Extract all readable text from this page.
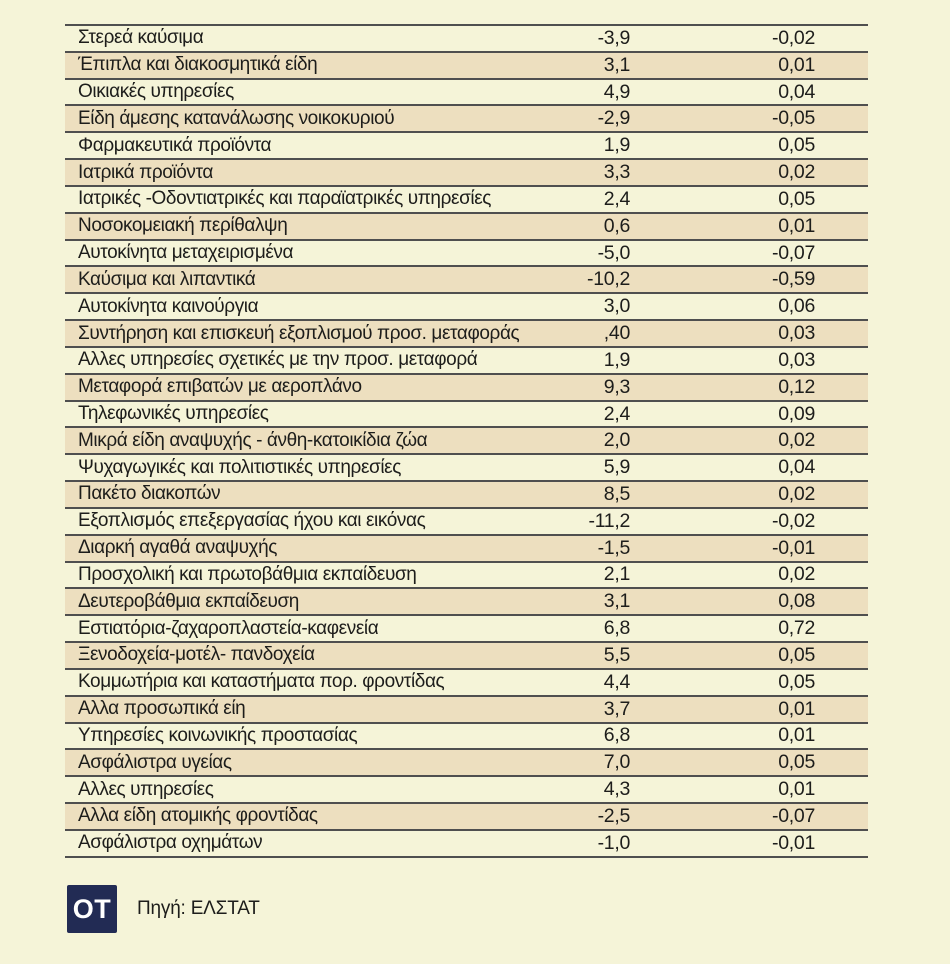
Στερεά καύσιμα	-3,9	-0,02
Έπιπλα και διακοσμητικά είδη	3,1	0,01
Οικιακές υπηρεσίες	4,9	0,04
Είδη άμεσης κατανάλωσης νοικοκυριού	-2,9	-0,05
Φαρμακευτικά προϊόντα	1,9	0,05
Ιατρικά προϊόντα	3,3	0,02
Ιατρικές -Οδοντιατρικές και παραϊατρικές υπηρεσίες	2,4	0,05
Νοσοκομειακή περίθαλψη	0,6	0,01
Αυτοκίνητα μεταχειρισμένα	-5,0	-0,07
Καύσιμα και λιπαντικά	-10,2	-0,59
Αυτοκίνητα καινούργια	3,0	0,06
Συντήρηση και επισκευή εξοπλισμού προσ. μεταφοράς	,40	0,03
Αλλες υπηρεσίες σχετικές με την προσ. μεταφορά	1,9	0,03
Μεταφορά επιβατών με αεροπλάνο	9,3	0,12
Τηλεφωνικές υπηρεσίες	2,4	0,09
Μικρά είδη αναψυχής - άνθη-κατοικίδια ζώα	2,0	0,02
Ψυχαγωγικές και πολιτιστικές υπηρεσίες	5,9	0,04
Πακέτο διακοπών	8,5	0,02
Εξοπλισμός επεξεργασίας ήχου και εικόνας	-11,2	-0,02
Διαρκή αγαθά αναψυχής	-1,5	-0,01
Προσχολική και πρωτοβάθμια εκπαίδευση	2,1	0,02
Δευτεροβάθμια εκπαίδευση	3,1	0,08
Εστιατόρια-ζαχαροπλαστεία-καφενεία	6,8	0,72
Ξενοδοχεία-μοτέλ- πανδοχεία	5,5	0,05
Κομμωτήρια και καταστήματα πορ. φροντίδας	4,4	0,05
Αλλα προσωπικά είη	3,7	0,01
Υπηρεσίες κοινωνικής προστασίας	6,8	0,01
Ασφάλιστρα υγείας	7,0	0,05
Αλλες υπηρεσίες	4,3	0,01
Αλλα είδη ατομικής φροντίδας	-2,5	-0,07
Ασφάλιστρα οχημάτων	-1,0	-0,01
OT	Πηγή: ΕΛΣΤΑΤ
